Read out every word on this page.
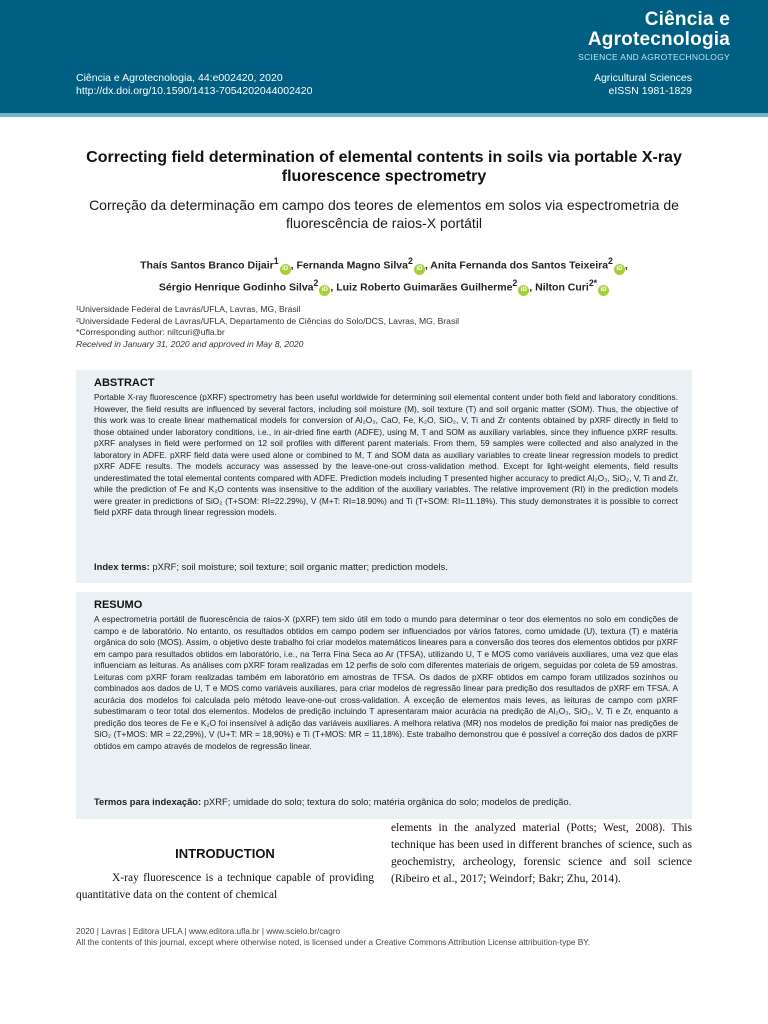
Ciência e
Agrotecnologia
SCIENCE AND AGROTECHNOLOGY
Ciência e Agrotecnologia, 44:e002420, 2020
http://dx.doi.org/10.1590/1413-7054202044002420
Agricultural Sciences
eISSN 1981-1829
Correcting field determination of elemental contents in soils via portable X-ray fluorescence spectrometry
Correção da determinação em campo dos teores de elementos em solos via espectrometria de fluorescência de raios-X portátil
Thaís Santos Branco Dijair$^1$iD , Fernanda Magno Silva$^2$iD , Anita Fernanda dos Santos Teixeira$^2$iD ,
Sérgio Henrique Godinho Silva$^2$iD , Luiz Roberto Guimarães Guilherme$^2$iD , Nilton Curi$^{2*}$iD
¹Universidade Federal de Lavras/UFLA, Lavras, MG, Brasil
²Universidade Federal de Lavras/UFLA, Departamento de Ciências do Solo/DCS, Lavras, MG, Brasil
*Corresponding author: niltcuri@ufla.br
Received in January 31, 2020 and approved in May 8, 2020
ABSTRACT
Portable X-ray fluorescence (pXRF) spectrometry has been useful worldwide for determining soil elemental content under both field and laboratory conditions. However, the field results are influenced by several factors, including soil moisture (M), soil texture (T) and soil organic matter (SOM). Thus, the objective of this work was to create linear mathematical models for conversion of Al₂O₃, CaO, Fe, K₂O, SiO₂, V, Ti and Zr contents obtained by pXRF directly in field to those obtained under laboratory conditions, i.e., in air-dried fine earth (ADFE), using M, T and SOM as auxiliary variables, since they influence pXRF results. pXRF analyses in field were performed on 12 soil profiles with different parent materials. From them, 59 samples were collected and also analyzed in the laboratory in ADFE. pXRF field data were used alone or combined to M, T and SOM data as auxiliary variables to create linear regression models to predict pXRF ADFE results. The models accuracy was assessed by the leave-one-out cross-validation method. Except for light-weight elements, field results underestimated the total elemental contents compared with ADFE. Prediction models including T presented higher accuracy to predict Al₂O₃, SiO₂, V, Ti and Zr, while the prediction of Fe and K₂O contents was insensitive to the addition of the auxiliary variables. The relative improvement (RI) in the prediction models were greater in predictions of SiO₂ (T+SOM: RI=22.29%), V (M+T: RI=18.90%) and Ti (T+SOM: RI=11.18%). This study demonstrates it is possible to correct field pXRF data through linear regression models.
Index terms: pXRF; soil moisture; soil texture; soil organic matter; prediction models.
RESUMO
A espectrometria portátil de fluorescência de raios-X (pXRF) tem sido útil em todo o mundo para determinar o teor dos elementos no solo em condições de campo e de laboratório. No entanto, os resultados obtidos em campo podem ser influenciados por vários fatores, como umidade (U), textura (T) e matéria orgânica do solo (MOS). Assim, o objetivo deste trabalho foi criar modelos matemáticos lineares para a conversão dos teores dos elementos obtidos por pXRF em campo para resultados obtidos em laboratório, i.e., na Terra Fina Seca ao Ar (TFSA), utilizando U, T e MOS como variáveis auxiliares, uma vez que elas influenciam as leituras. As análises com pXRF foram realizadas em 12 perfis de solo com diferentes materiais de origem, seguidas por coleta de 59 amostras. Leituras com pXRF foram realizadas também em laboratório em amostras de TFSA. Os dados de pXRF obtidos em campo foram utilizados sozinhos ou combinados aos dados de U, T e MOS como variáveis auxiliares, para criar modelos de regressão linear para predição dos resultados de pXRF em TFSA. A acurácia dos modelos foi calculada pelo método leave-one-out cross-validation. À exceção de elementos mais leves, as leituras de campo com pXRF subestimaram o teor total dos elementos. Modelos de predição incluindo T apresentaram maior acurácia na predição de Al₂O₃, SiO₂, V, Ti e Zr, enquanto a predição dos teores de Fe e K₂O foi insensível à adição das variáveis auxiliares. A melhora relativa (MR) nos modelos de predição foi maior nas predições de SiO₂ (T+MOS: MR = 22,29%), V (U+T: MR = 18,90%) e Ti (T+MOS: MR = 11,18%). Este trabalho demonstrou que é possível a correção dos dados de pXRF obtidos em campo através de modelos de regressão linear.
Termos para indexação: pXRF; umidade do solo; textura do solo; matéria orgânica do solo; modelos de predição.
INTRODUCTION
X-ray fluorescence is a technique capable of providing quantitative data on the content of chemical
elements in the analyzed material (Potts; West, 2008). This technique has been used in different branches of science, such as geochemistry, archeology, forensic science and soil science (Ribeiro et al., 2017; Weindorf; Bakr; Zhu, 2014).
2020 | Lavras | Editora UFLA | www.editora.ufla.br | www.scielo.br/cagro
All the contents of this journal, except where otherwise noted, is licensed under a Creative Commons Attribution License attribuition-type BY.
